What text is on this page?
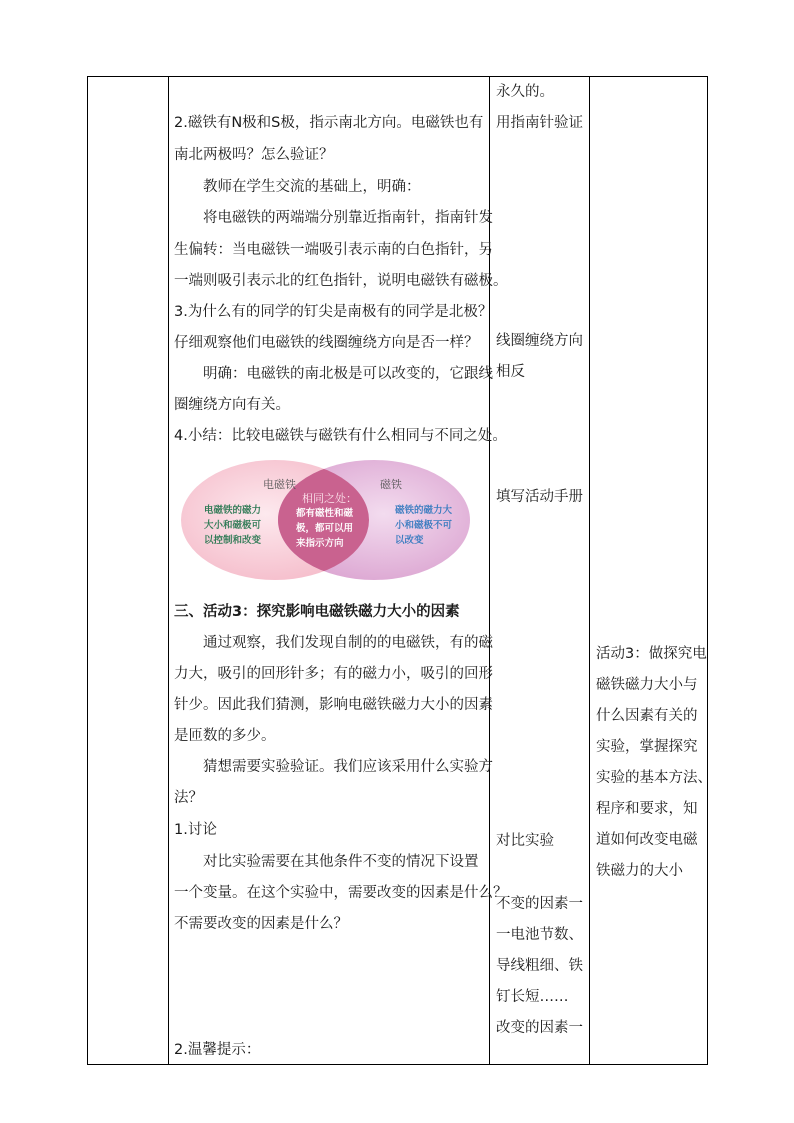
2.磁铁有N极和S极，指示南北方向。电磁铁也有
南北两极吗？怎么验证？
教师在学生交流的基础上，明确：
将电磁铁的两端端分别靠近指南针，指南针发
生偏转：当电磁铁一端吸引表示南的白色指针，另
一端则吸引表示北的红色指针，说明电磁铁有磁极。
3.为什么有的同学的钉尖是南极有的同学是北极？
仔细观察他们电磁铁的线圈缠绕方向是否一样？
明确：电磁铁的南北极是可以改变的，它跟线
圈缠绕方向有关。
4.小结：比较电磁铁与磁铁有什么相同与不同之处。
电磁铁	磁铁
相同之处：
电磁铁的磁力
大小和磁极可
以控制和改变
都有磁性和磁
极，都可以用
来指示方向
磁铁的磁力大
小和磁极不可
以改变
三、活动3：探究影响电磁铁磁力大小的因素
通过观察，我们发现自制的的电磁铁，有的磁
力大，吸引的回形针多；有的磁力小，吸引的回形
针少。因此我们猜测，影响电磁铁磁力大小的因素
是匝数的多少。
猜想需要实验验证。我们应该采用什么实验方
法？
1.讨论
对比实验需要在其他条件不变的情况下设置
一个变量。在这个实验中，需要改变的因素是什么？
不需要改变的因素是什么？
2.温馨提示：
永久的。
用指南针验证
线圈缠绕方向
相反
填写活动手册
对比实验
不变的因素一
一电池节数、
导线粗细、铁
钉长短……
改变的因素一
活动3：做探究电
磁铁磁力大小与
什么因素有关的
实验，掌握探究
实验的基本方法、
程序和要求，知
道如何改变电磁
铁磁力的大小
